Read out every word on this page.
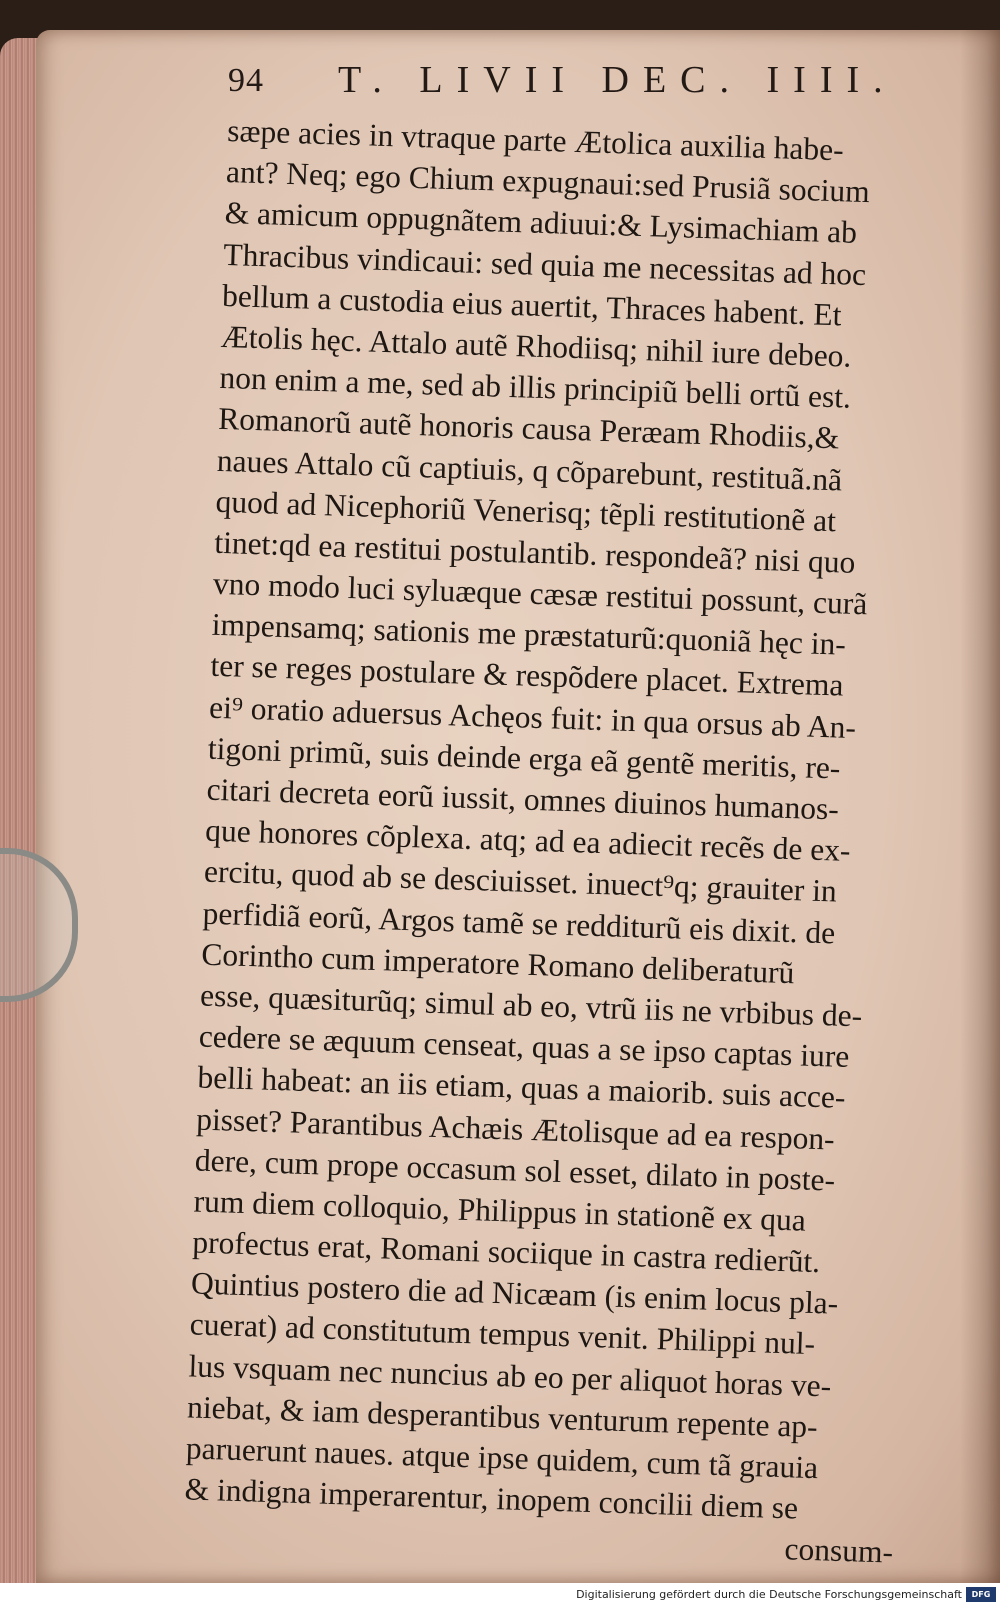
94 T. LIVII DEC. IIII.
sæpe acies in vtraque parte Ætolica auxilia habe-
ant? Neq; ego Chium expugnaui:sed Prusiã socium
& amicum oppugnãtem adiuui:& Lysimachiam ab
Thracibus vindicaui: sed quia me necessitas ad hoc
bellum a custodia eius auertit, Thraces habent. Et
Ætolis hęc. Attalo autẽ Rhodiisq; nihil iure debeo.
non enim a me, sed ab illis principiũ belli ortũ est.
Romanorũ autẽ honoris causa Peræam Rhodiis,&
naues Attalo cũ captiuis, q cõparebunt, restituã.nã
quod ad Nicephoriũ Venerisq; tẽpli restitutionẽ at
tinet:qd ea restitui postulantib. respondeã? nisi quo
vno modo luci syluæque cæsæ restitui possunt, curã
impensamq; sationis me præstaturũ:quoniã hęc in-
ter se reges postulare & respõdere placet. Extrema
ei⁹ oratio aduersus Achęos fuit: in qua orsus ab An-
tigoni primũ, suis deinde erga eã gentẽ meritis, re-
citari decreta eorũ iussit, omnes diuinos humanos-
que honores cõplexa. atq; ad ea adiecit recẽs de ex-
ercitu, quod ab se desciuisset. inuect⁹q; grauiter in
perfidiã eorũ, Argos tamẽ se redditurũ eis dixit. de
Corintho cum imperatore Romano deliberaturũ
esse, quæsiturũq; simul ab eo, vtrũ iis ne vrbibus de-
cedere se æquum censeat, quas a se ipso captas iure
belli habeat: an iis etiam, quas a maiorib. suis acce-
pisset? Parantibus Achæis Ætolisque ad ea respon-
dere, cum prope occasum sol esset, dilato in poste-
rum diem colloquio, Philippus in stationẽ ex qua
profectus erat, Romani sociique in castra redierũt.
Quintius postero die ad Nicæam (is enim locus pla-
cuerat) ad constitutum tempus venit. Philippi nul-
lus vsquam nec nuncius ab eo per aliquot horas ve-
niebat, & iam desperantibus venturum repente ap-
paruerunt naues. atque ipse quidem, cum tã grauia
& indigna imperarentur, inopem concilii diem se
consum-
Digitalisierung gefördert durch die Deutsche Forschungsgemeinschaft	DFG
